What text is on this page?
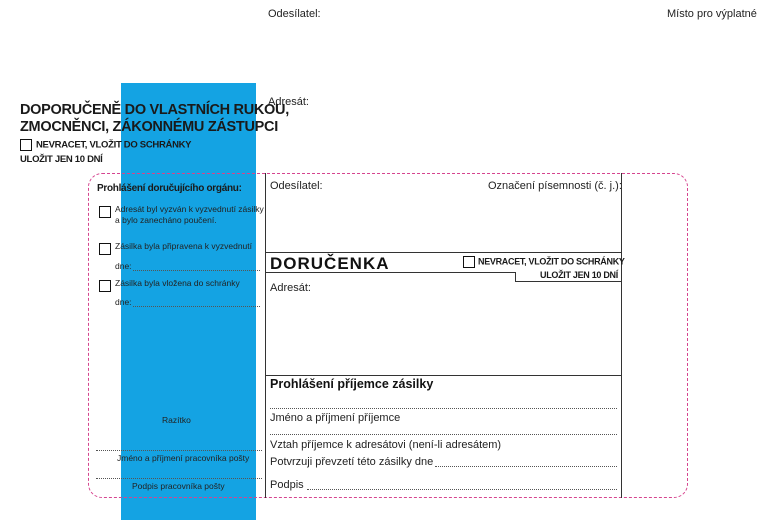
Odesílatel:	Místo pro výplatné
Adresát:
DOPORUČENĚ DO VLASTNÍCH RUKOU,
ZMOCNĚNCI, ZÁKONNÉMU ZÁSTUPCI
NEVRACET, VLOŽIT DO SCHRÁNKY
ULOŽIT JEN 10 DNÍ
Prohlášení doručujícího orgánu:
Adresát byl vyzván k vyzvednutí zásilky
a bylo zanecháno poučení.
Zásilka byla připravena k vyzvednutí
dne:
Zásilka byla vložena do schránky
dne:
Razítko
Jméno a příjmení pracovníka pošty
Podpis pracovníka pošty
Odesílatel:	Označení písemnosti (č. j.):
DORUČENKA	NEVRACET, VLOŽIT DO SCHRÁNKY
ULOŽIT JEN 10 DNÍ
Adresát:
Prohlášení příjemce zásilky
Jméno a příjmení příjemce
Vztah příjemce k adresátovi (není-li adresátem)
Potvrzuji převzetí této zásilky dne
Podpis
